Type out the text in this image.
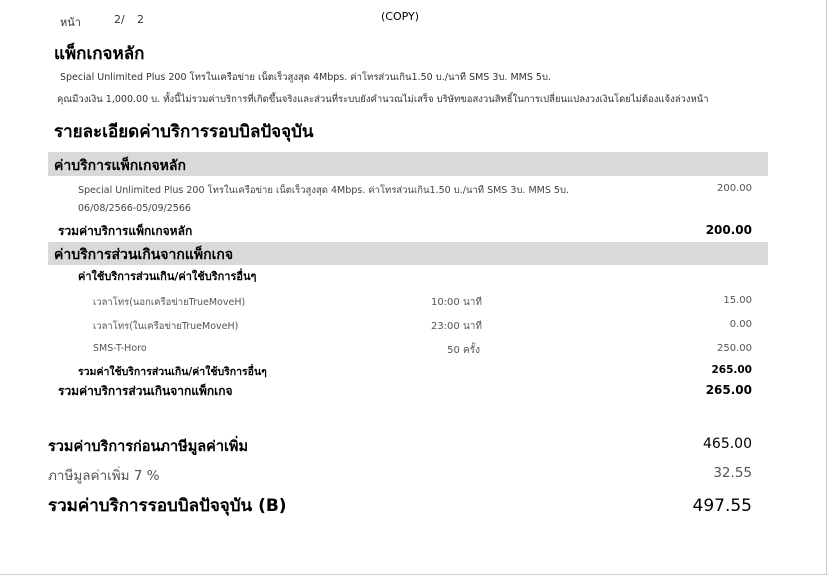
หน้า	2/ 2	(COPY)
แพ็กเกจหลัก
Special Unlimited Plus 200 โทรในเครือข่าย เน็ตเร็วสูงสุด 4Mbps. ค่าโทรส่วนเกิน1.50 บ./นาที SMS 3บ. MMS 5บ.
คุณมีวงเงิน 1,000.00 บ. ทั้งนี้ไม่รวมค่าบริการที่เกิดขึ้นจริงและส่วนที่ระบบยังคำนวณไม่เสร็จ บริษัทขอสงวนสิทธิ์ในการเปลี่ยนแปลงวงเงินโดยไม่ต้องแจ้งล่วงหน้า
รายละเอียดค่าบริการรอบบิลปัจจุบัน
ค่าบริการแพ็กเกจหลัก
Special Unlimited Plus 200 โทรในเครือข่าย เน็ตเร็วสูงสุด 4Mbps. ค่าโทรส่วนเกิน1.50 บ./นาที SMS 3บ. MMS 5บ.	200.00
06/08/2566-05/09/2566
รวมค่าบริการแพ็กเกจหลัก	200.00
ค่าบริการส่วนเกินจากแพ็กเกจ
ค่าใช้บริการส่วนเกิน/ค่าใช้บริการอื่นๆ
เวลาโทร(นอกเครือข่ายTrueMoveH)	10:00 นาที	15.00
เวลาโทร(ในเครือข่ายTrueMoveH)	23:00 นาที	0.00
SMS-T-Horo	50 ครั้ง	250.00
รวมค่าใช้บริการส่วนเกิน/ค่าใช้บริการอื่นๆ	265.00
รวมค่าบริการส่วนเกินจากแพ็กเกจ	265.00
รวมค่าบริการก่อนภาษีมูลค่าเพิ่ม	465.00
ภาษีมูลค่าเพิ่ม 7 %	32.55
รวมค่าบริการรอบบิลปัจจุบัน (B)	497.55
